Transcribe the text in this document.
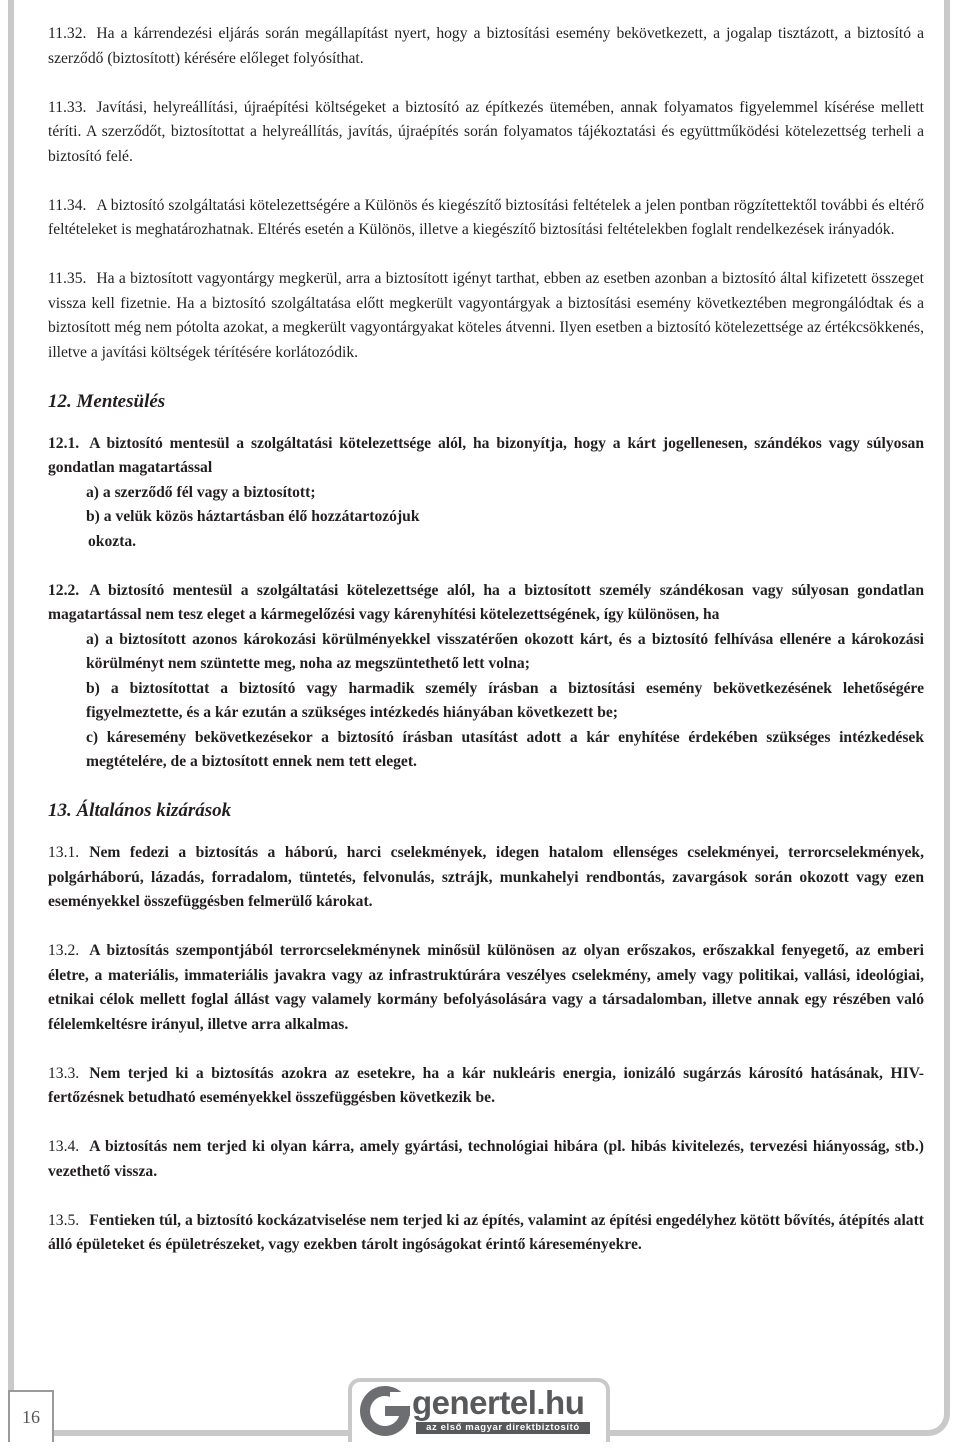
11.32. Ha a kárrendezési eljárás során megállapítást nyert, hogy a biztosítási esemény bekövetkezett, a jogalap tisztázott, a biztosító a szerződő (biztosított) kérésére előleget folyósíthat.

11.33. Javítási, helyreállítási, újraépítési költségeket a biztosító az építkezés ütemében, annak folyamatos figyelemmel kísérése mellett téríti. A szerződőt, biztosítottat a helyreállítás, javítás, újraépítés során folyamatos tájékoztatási és együttműködési kötelezettség terheli a biztosító felé.

11.34. A biztosító szolgáltatási kötelezettségére a Különös és kiegészítő biztosítási feltételek a jelen pontban rögzítettektől további és eltérő feltételeket is meghatározhatnak. Eltérés esetén a Különös, illetve a kiegészítő biztosítási feltételekben foglalt rendelkezések irányadók.

11.35. Ha a biztosított vagyontárgy megkerül, arra a biztosított igényt tarthat, ebben az esetben azonban a biztosító által kifizetett összeget vissza kell fizetnie. Ha a biztosító szolgáltatása előtt megkerült vagyontárgyak a biztosítási esemény következtében megrongálódtak és a biztosított még nem pótolta azokat, a megkerült vagyontárgyakat köteles átvenni. Ilyen esetben a biztosító kötelezettsége az értékcsökkenés, illetve a javítási költségek térítésére korlátozódik.

12. Mentesülés
12.1. A biztosító mentesül a szolgáltatási kötelezettsége alól, ha bizonyítja, hogy a kárt jogellenesen, szándékos vagy súlyosan gondatlan magatartással
a) a szerződő fél vagy a biztosított;
b) a velük közös háztartásban élő hozzátartozójuk
okozta.
12.2. A biztosító mentesül a szolgáltatási kötelezettsége alól, ha a biztosított személy szándékosan vagy súlyosan gondatlan magatartással nem tesz eleget a kármegelőzési vagy kárenyhítési kötelezettségének, így különösen, ha
a) a biztosított azonos károkozási körülményekkel visszatérően okozott kárt, és a biztosító felhívása ellenére a károkozási körülményt nem szüntette meg, noha az megszüntethető lett volna;
b) a biztosítottat a biztosító vagy harmadik személy írásban a biztosítási esemény bekövetkezésének lehetőségére figyelmeztette, és a kár ezután a szükséges intézkedés hiányában következett be;
c) káresemény bekövetkezésekor a biztosító írásban utasítást adott a kár enyhítése érdekében szükséges intézkedések megtételére, de a biztosított ennek nem tett eleget.
13. Általános kizárások

13.1. Nem fedezi a biztosítás a háború, harci cselekmények, idegen hatalom ellenséges cselekményei, terrorcselekmények, polgárháború, lázadás, forradalom, tüntetés, felvonulás, sztrájk, munkahelyi rendbontás, zavargások során okozott vagy ezen eseményekkel összefüggésben felmerülő károkat.

13.2. A biztosítás szempontjából terrorcselekménynek minősül különösen az olyan erőszakos, erőszakkal fenyegető, az emberi életre, a materiális, immateriális javakra vagy az infrastruktúrára veszélyes cselekmény, amely vagy politikai, vallási, ideológiai, etnikai célok mellett foglal állást vagy valamely kormány befolyásolására vagy a társadalomban, illetve annak egy részében való félelemkeltésre irányul, illetve arra alkalmas.

13.3. Nem terjed ki a biztosítás azokra az esetekre, ha a kár nukleáris energia, ionizáló sugárzás károsító hatásának, HIV-fertőzésnek betudható eseményekkel összefüggésben következik be.

13.4. A biztosítás nem terjed ki olyan kárra, amely gyártási, technológiai hibára (pl. hibás kivitelezés, tervezési hiányosság, stb.) vezethető vissza.

13.5. Fentieken túl, a biztosító kockázatviselése nem terjed ki az építés, valamint az építési engedélyhez kötött bővítés, átépítés alatt álló épületeket és épületrészeket, vagy ezekben tárolt ingóságokat érintő káreseményekre.

16	genertel.hu
az első magyar direktbiztosító
